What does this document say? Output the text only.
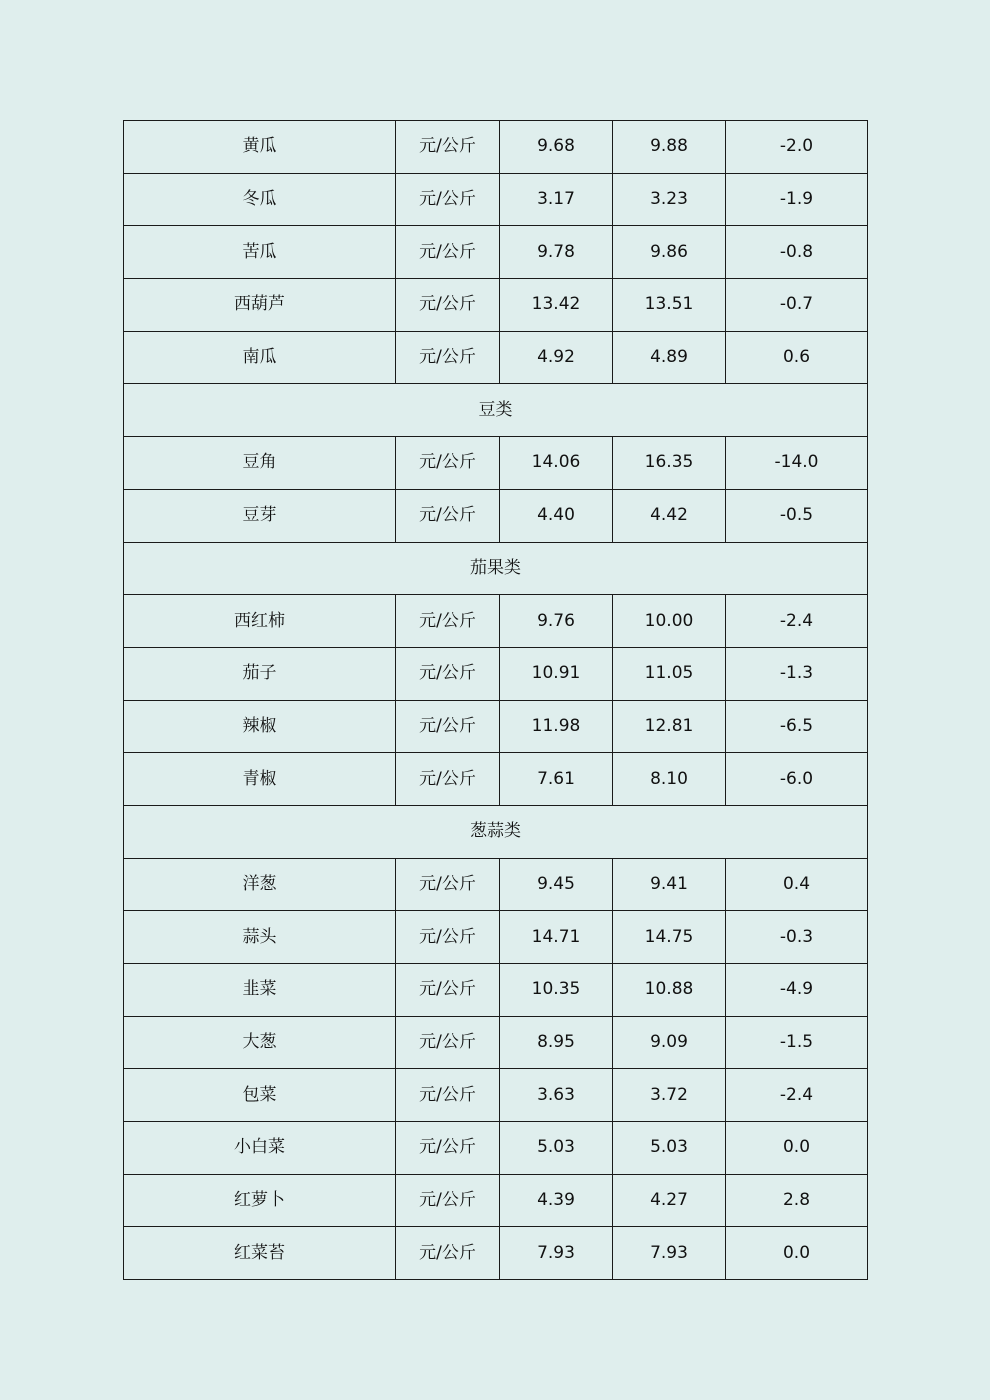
黄瓜	元/公斤	9.68	9.88	-2.0
冬瓜	元/公斤	3.17	3.23	-1.9
苦瓜	元/公斤	9.78	9.86	-0.8
西葫芦	元/公斤	13.42	13.51	-0.7
南瓜	元/公斤	4.92	4.89	0.6
豆类				
豆角	元/公斤	14.06	16.35	-14.0
豆芽	元/公斤	4.40	4.42	-0.5
茄果类				
西红柿	元/公斤	9.76	10.00	-2.4
茄子	元/公斤	10.91	11.05	-1.3
辣椒	元/公斤	11.98	12.81	-6.5
青椒	元/公斤	7.61	8.10	-6.0
葱蒜类				
洋葱	元/公斤	9.45	9.41	0.4
蒜头	元/公斤	14.71	14.75	-0.3
韭菜	元/公斤	10.35	10.88	-4.9
大葱	元/公斤	8.95	9.09	-1.5
包菜	元/公斤	3.63	3.72	-2.4
小白菜	元/公斤	5.03	5.03	0.0
红萝卜	元/公斤	4.39	4.27	2.8
红菜苔	元/公斤	7.93	7.93	0.0
